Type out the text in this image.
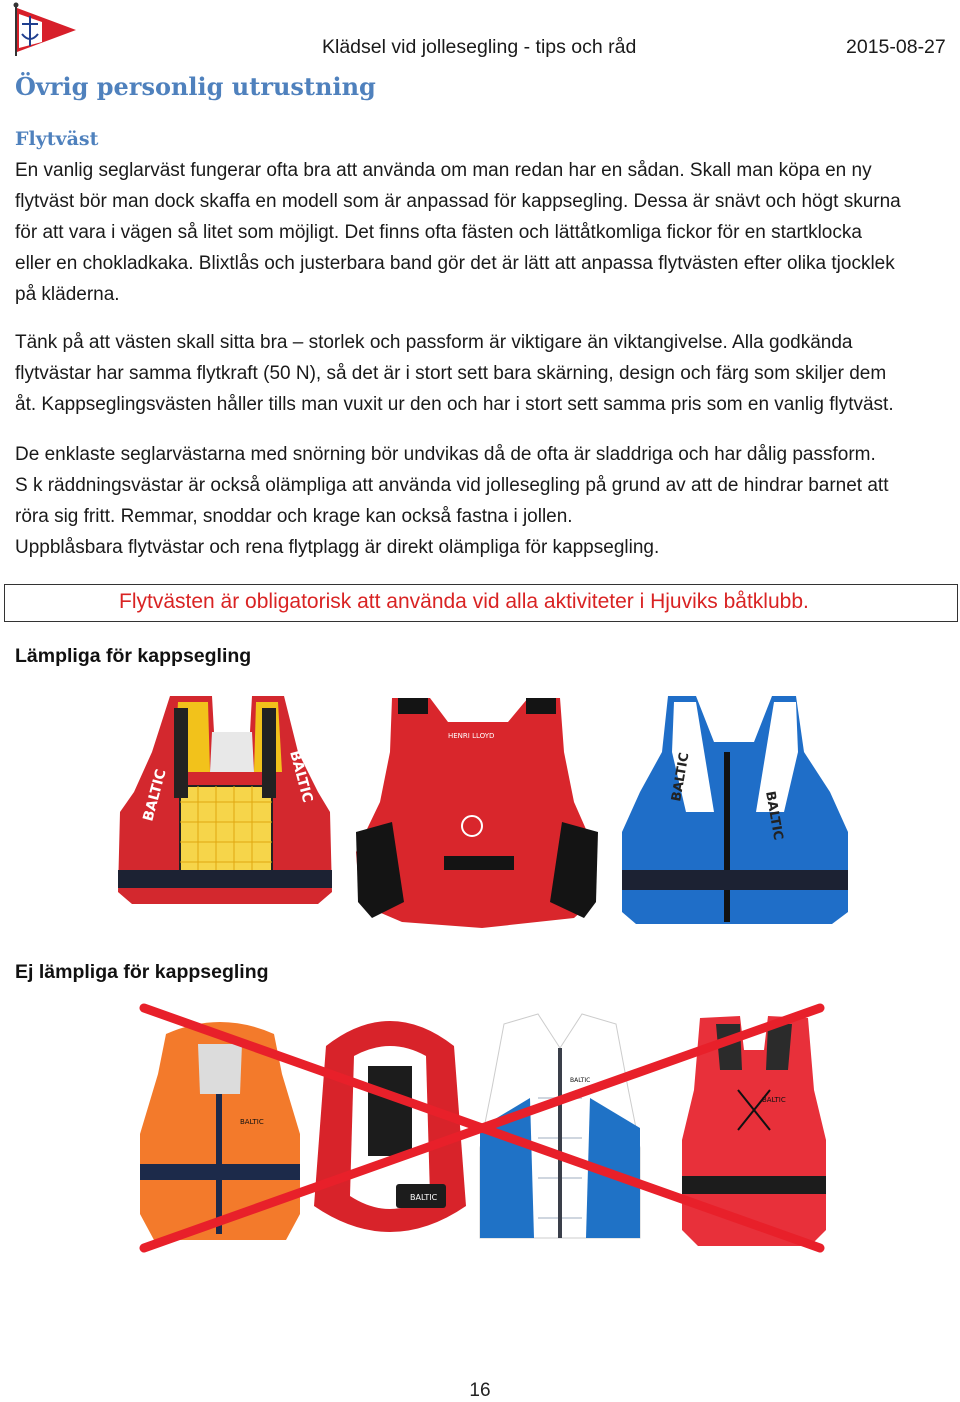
Klädsel vid jollesegling - tips och råd	2015-08-27
Övrig personlig utrustning
Flytväst
En vanlig seglarväst fungerar ofta bra att använda om man redan har en sådan. Skall man köpa en ny
flytväst bör man dock skaffa en modell som är anpassad för kappsegling. Dessa är snävt och högt skurna
för att vara i vägen så litet som möjligt. Det finns ofta fästen och lättåtkomliga fickor för en startklocka
eller en chokladkaka. Blixtlås och justerbara band gör det är lätt att anpassa flytvästen efter olika tjocklek
på kläderna.
Tänk på att västen skall sitta bra – storlek och passform är viktigare än viktangivelse. Alla godkända
flytvästar har samma flytkraft (50 N), så det är i stort sett bara skärning, design och färg som skiljer dem
åt. Kappseglingsvästen håller tills man vuxit ur den och har i stort sett samma pris som en vanlig flytväst.
De enklaste seglarvästarna med snörning bör undvikas då de ofta är sladdriga och har dålig passform.
S k räddningsvästar är också olämpliga att använda vid jollesegling på grund av att de hindrar barnet att
röra sig fritt. Remmar, snoddar och krage kan också fastna i jollen.
Uppblåsbara flytvästar och rena flytplagg är direkt olämpliga för kappsegling.
Flytvästen är obligatorisk att använda vid alla aktiviteter i Hjuviks båtklubb.
Lämpliga för kappsegling
BALTIC	BALTIC
HENRI LLOYD
BALTIC
BALTIC
Ej lämpliga för kappsegling
BALTIC
BALTIC
BALTIC
BALTIC
16
